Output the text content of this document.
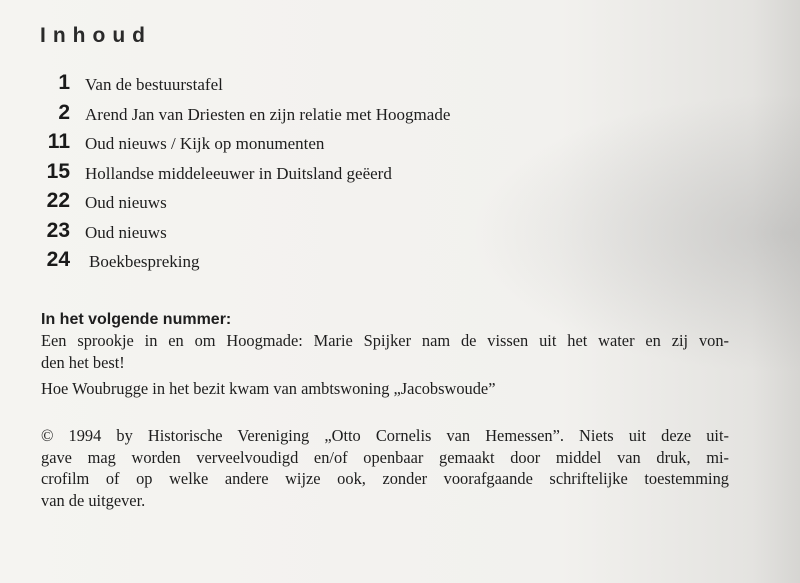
Inhoud
1 Van de bestuurstafel
2 Arend Jan van Driesten en zijn relatie met Hoogmade
11 Oud nieuws / Kijk op monumenten
15 Hollandse middeleeuwer in Duitsland geëerd
22 Oud nieuws
23 Oud nieuws
24 Boekbespreking
In het volgende nummer:
Een sprookje in en om Hoogmade: Marie Spijker nam de vissen uit het water en zij von-
den het best!
Hoe Woubrugge in het bezit kwam van ambtswoning „Jacobswoude”
© 1994 by Historische Vereniging „Otto Cornelis van Hemessen”. Niets uit deze uit-
gave mag worden verveelvoudigd en/of openbaar gemaakt door middel van druk, mi-
crofilm of op welke andere wijze ook, zonder voorafgaande schriftelijke toestemming
van de uitgever.
